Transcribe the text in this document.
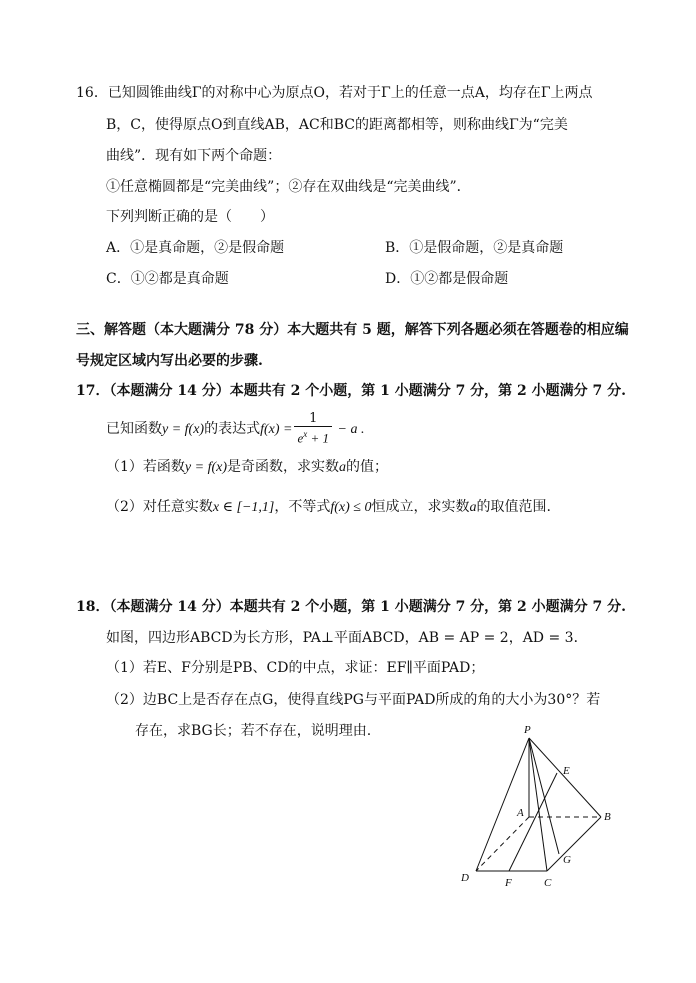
16．已知圆锥曲线Γ的对称中心为原点O，若对于Γ上的任意一点A，均存在Γ上两点
B，C，使得原点O到直线AB，AC和BC的距离都相等，则称曲线Γ为“完美
曲线”．现有如下两个命题：
①任意椭圆都是“完美曲线”；②存在双曲线是“完美曲线”．
下列判断正确的是（　　）
A．①是真命题，②是假命题	B．①是假命题，②是真命题
C．①②都是真命题	D．①②都是假命题
三、解答题（本大题满分 78 分）本大题共有 5 题，解答下列各题必须在答题卷的相应编
号规定区域内写出必要的步骤.
17．（本题满分 14 分）本题共有 2 个小题，第 1 小题满分 7 分，第 2 小题满分 7 分.
已知函数y = f(x)的表达式$f(x) = \frac{1}{e^x + 1} - a$ .
（1）若函数y = f(x)是奇函数，求实数a的值；
（2）对任意实数x ∈ [−1,1]，不等式f(x) ≤ 0恒成立，求实数a的取值范围.
18．（本题满分 14 分）本题共有 2 个小题，第 1 小题满分 7 分，第 2 小题满分 7 分.
如图，四边形ABCD为长方形，PA⊥平面ABCD，AB = AP = 2，AD = 3．
（1）若E、F分别是PB、CD的中点，求证：EF∥平面PAD；
（2）边BC上是否存在点G，使得直线PG与平面PAD所成的角的大小为30°？若
存在，求BG长；若不存在，说明理由.	P
E
A	B
G
D	F	C
